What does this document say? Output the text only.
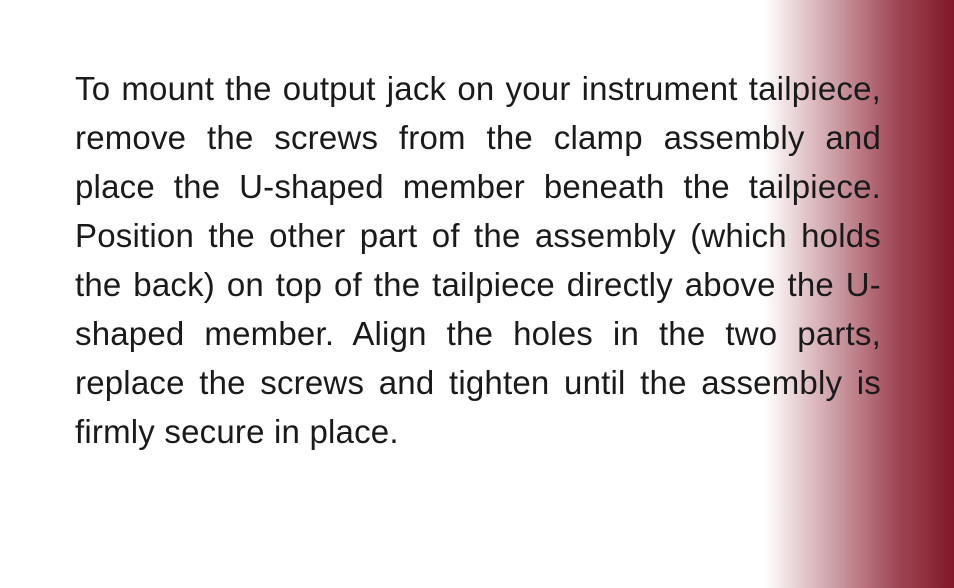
To mount the output jack on your instrument tailpiece, remove the screws from the clamp assembly and place the U-shaped member beneath the tailpiece. Position the other part of the assembly (which holds the back) on top of the tailpiece directly above the U-shaped member. Align the holes in the two parts, replace the screws and tighten until the assembly is firmly secure in place.
